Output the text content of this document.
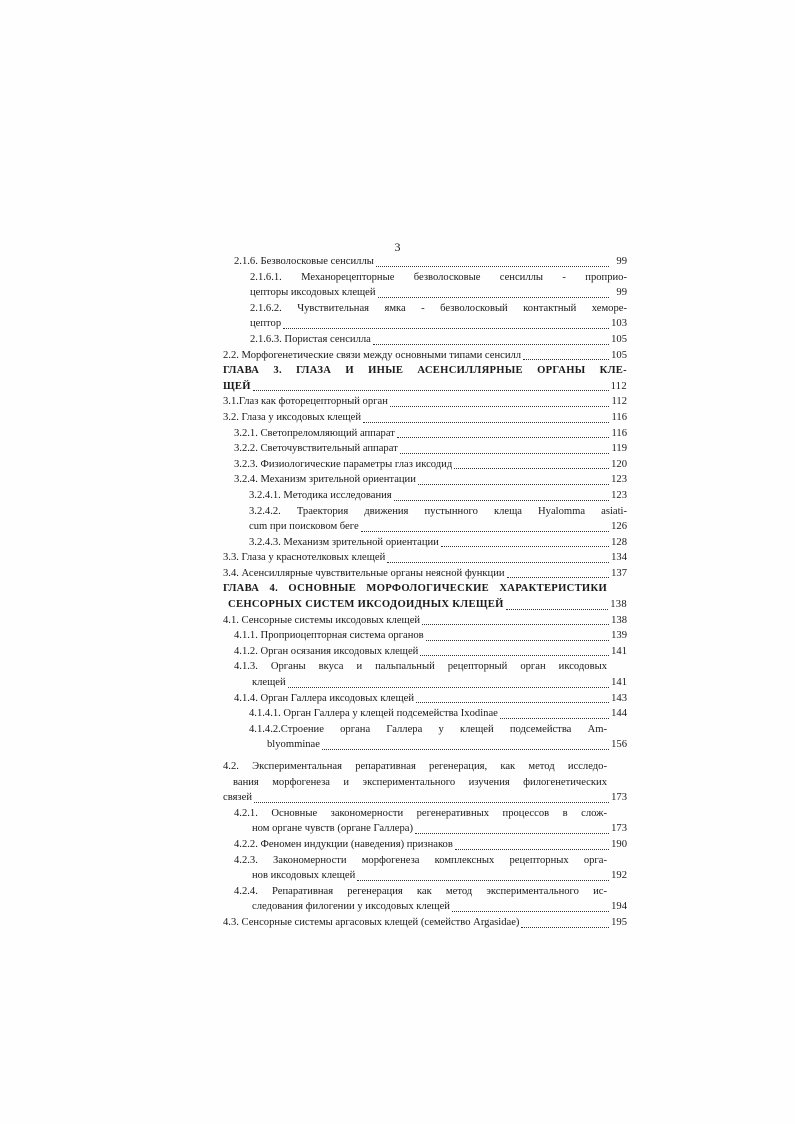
3
2.1.6. Безволосковые сенсиллы	99
2.1.6.1. Механорецепторные безволосковые сенсиллы - проприо-
цепторы иксодовых клещей	99
2.1.6.2. Чувствительная ямка - безволосковый контактный хеморе-
цептор	103
2.1.6.3. Пористая сенсилла	105
2.2. Морфогенетические связи между основными типами сенсилл	105
ГЛАВА 3. ГЛАЗА И ИНЫЕ АСЕНСИЛЛЯРНЫЕ ОРГАНЫ КЛЕ-
ЩЕЙ	112
3.1.Глаз как фоторецепторный орган	112
3.2. Глаза у иксодовых клещей	116
3.2.1. Светопреломляющий аппарат	116
3.2.2. Светочувствительный аппарат	119
3.2.3. Физиологические параметры глаз иксодид	120
3.2.4. Механизм зрительной ориентации	123
3.2.4.1. Методика исследования	123
3.2.4.2. Траектория движения пустынного клеща Hyalomma asiati-
cum при поисковом беге	126
3.2.4.3. Механизм зрительной ориентации	128
3.3. Глаза у краснотелковых клещей	134
3.4. Асенсиллярные чувствительные органы неясной функции	137
ГЛАВА 4. ОСНОВНЫЕ МОРФОЛОГИЧЕСКИЕ ХАРАКТЕРИСТИКИ
СЕНСОРНЫХ СИСТЕМ ИКСОДОИДНЫХ КЛЕЩЕЙ	138
4.1. Сенсорные системы иксодовых клещей	138
4.1.1. Проприоцепторная система органов	139
4.1.2. Орган осязания иксодовых клещей	141
4.1.3. Органы вкуса и пальпальный рецепторный орган иксодовых
клещей	141
4.1.4. Орган Галлера иксодовых клещей	143
4.1.4.1. Орган Галлера у клещей подсемейства Ixodinae	144
4.1.4.2.Строение органа Галлера у клещей подсемейства Am-
blyomminae	156
4.2. Экспериментальная репаративная регенерация, как метод исследо-
вания морфогенеза и экспериментального изучения филогенетических
связей	173
4.2.1. Основные закономерности регенеративных процессов в слож-
ном органе чувств (органе Галлера)	173
4.2.2. Феномен индукции (наведения) признаков	190
4.2.3. Закономерности морфогенеза комплексных рецепторных орга-
нов иксодовых клещей	192
4.2.4. Репаративная регенерация как метод экспериментального ис-
следования филогении у иксодовых клещей	194
4.3. Сенсорные системы аргасовых клещей (семейство Argasidae)	195
